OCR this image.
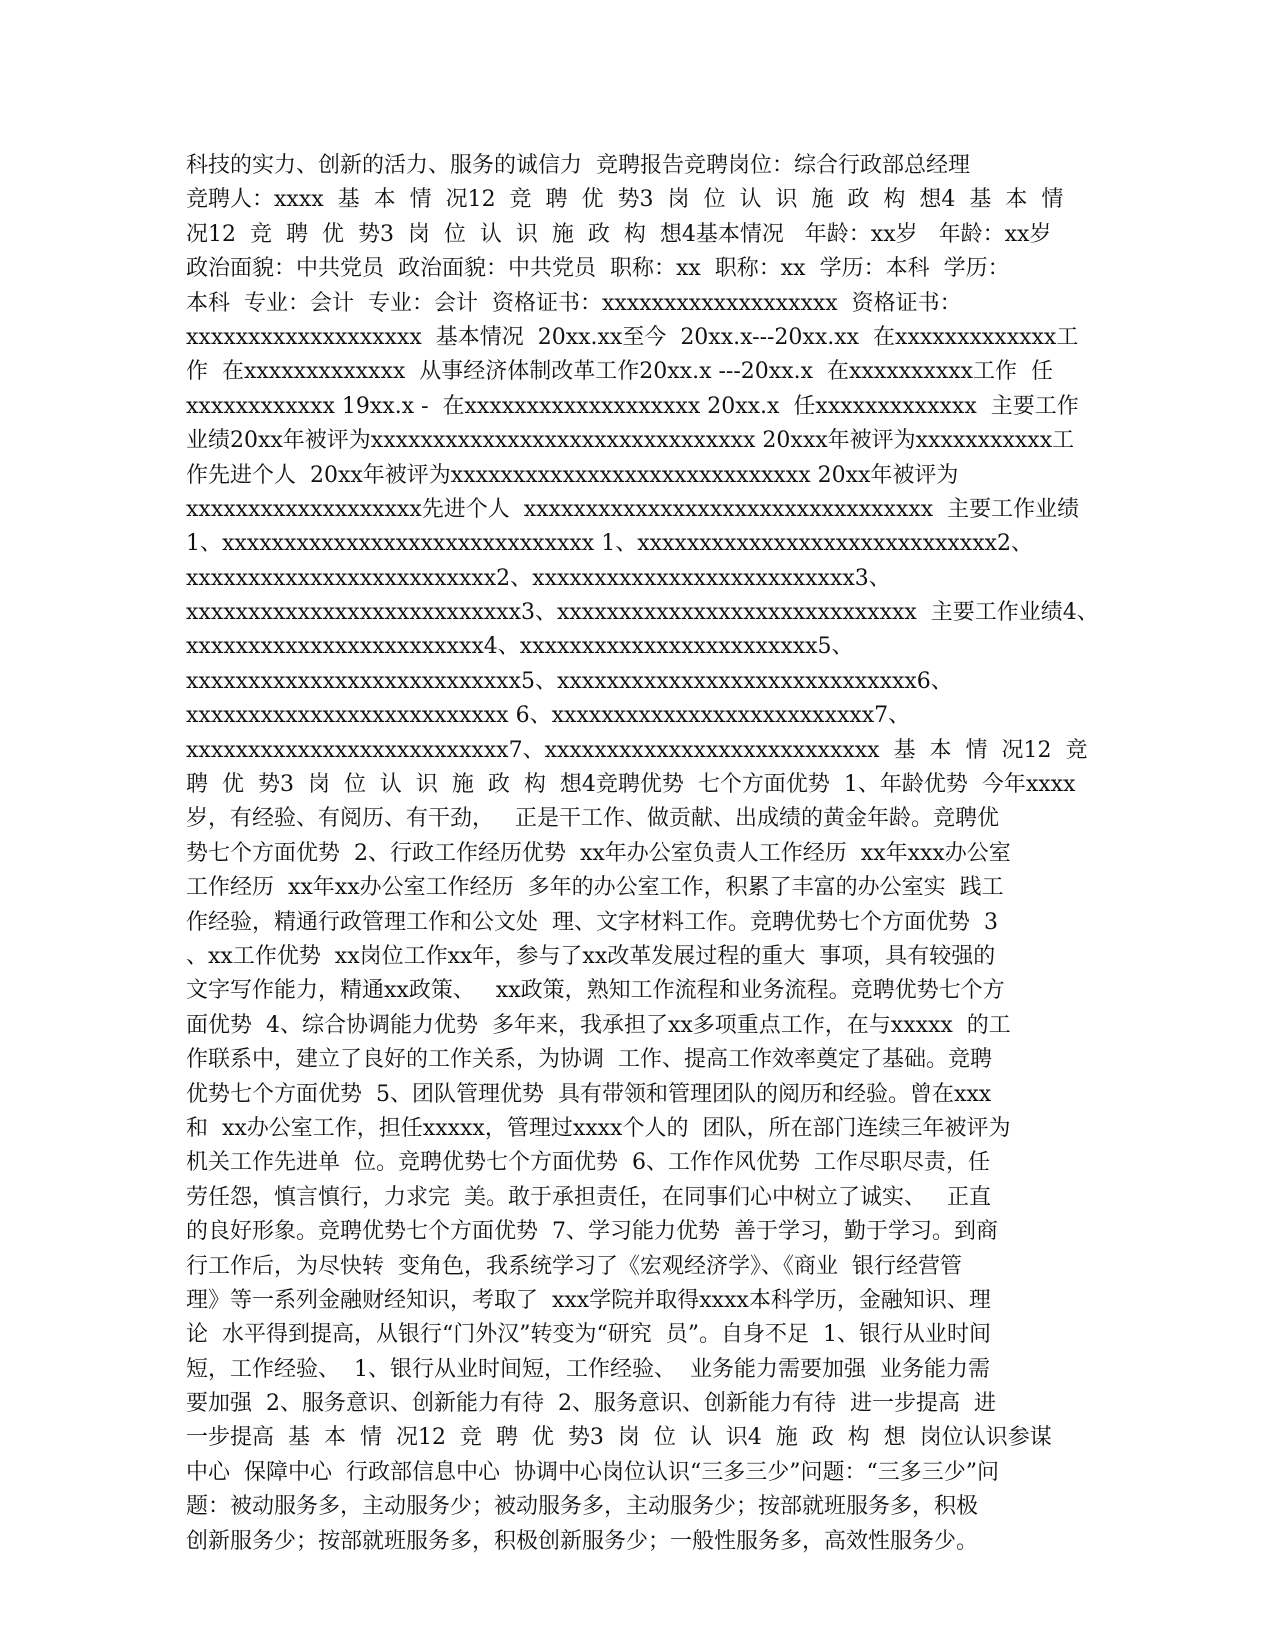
科技的实力、创新的活力、服务的诚信力  竞聘报告竞聘岗位：综合行政部总经理
竞聘人：xxxx  基  本  情  况12  竞  聘  优  势3  岗  位  认  识  施  政  构  想4  基  本  情
况12  竞  聘  优  势3  岗  位  认  识  施  政  构  想4基本情况   年龄：xx岁   年龄：xx岁
政治面貌：中共党员  政治面貌：中共党员  职称：xx  职称：xx  学历：本科  学历：
本科  专业：会计  专业：会计  资格证书：xxxxxxxxxxxxxxxxxxx  资格证书：
xxxxxxxxxxxxxxxxxxx  基本情况  20xx.xx至今  20xx.x---20xx.xx  在xxxxxxxxxxxxx工
作  在xxxxxxxxxxxxx  从事经济体制改革工作20xx.x ---20xx.x  在xxxxxxxxxx工作  任
xxxxxxxxxxxx 19xx.x -  在xxxxxxxxxxxxxxxxxxx 20xx.x  任xxxxxxxxxxxxx  主要工作
业绩20xx年被评为xxxxxxxxxxxxxxxxxxxxxxxxxxxxxxx 20xxx年被评为xxxxxxxxxxx工
作先进个人  20xx年被评为xxxxxxxxxxxxxxxxxxxxxxxxxxxxx 20xx年被评为
xxxxxxxxxxxxxxxxxxx先进个人  xxxxxxxxxxxxxxxxxxxxxxxxxxxxxxxxx  主要工作业绩
1、xxxxxxxxxxxxxxxxxxxxxxxxxxxxxx 1、xxxxxxxxxxxxxxxxxxxxxxxxxxxxx2、
xxxxxxxxxxxxxxxxxxxxxxxxx2、xxxxxxxxxxxxxxxxxxxxxxxxxx3、
xxxxxxxxxxxxxxxxxxxxxxxxxxx3、xxxxxxxxxxxxxxxxxxxxxxxxxxxxx  主要工作业绩4、
xxxxxxxxxxxxxxxxxxxxxxxx4、xxxxxxxxxxxxxxxxxxxxxxxx5、
xxxxxxxxxxxxxxxxxxxxxxxxxxx5、xxxxxxxxxxxxxxxxxxxxxxxxxxxxx6、
xxxxxxxxxxxxxxxxxxxxxxxxxx 6、xxxxxxxxxxxxxxxxxxxxxxxxxx7、
xxxxxxxxxxxxxxxxxxxxxxxxxx7、xxxxxxxxxxxxxxxxxxxxxxxxxxx  基  本  情  况12  竞
聘  优  势3  岗  位  认  识  施  政  构  想4竞聘优势  七个方面优势  1、年龄优势  今年xxxx
岁，有经验、有阅历、有干劲，   正是干工作、做贡献、出成绩的黄金年龄。竞聘优
势七个方面优势  2、行政工作经历优势  xx年办公室负责人工作经历  xx年xxx办公室
工作经历  xx年xx办公室工作经历  多年的办公室工作，积累了丰富的办公室实  践工
作经验，精通行政管理工作和公文处  理、文字材料工作。竞聘优势七个方面优势  3
、xx工作优势  xx岗位工作xx年，参与了xx改革发展过程的重大  事项，具有较强的
文字写作能力，精通xx政策、   xx政策，熟知工作流程和业务流程。竞聘优势七个方
面优势  4、综合协调能力优势  多年来，我承担了xx多项重点工作，在与xxxxx  的工
作联系中，建立了良好的工作关系，为协调  工作、提高工作效率奠定了基础。竞聘
优势七个方面优势  5、团队管理优势  具有带领和管理团队的阅历和经验。曾在xxx
和  xx办公室工作，担任xxxxx，管理过xxxx个人的  团队，所在部门连续三年被评为
机关工作先进单  位。竞聘优势七个方面优势  6、工作作风优势  工作尽职尽责，任
劳任怨，慎言慎行，力求完  美。敢于承担责任，在同事们心中树立了诚实、   正直
的良好形象。竞聘优势七个方面优势  7、学习能力优势  善于学习，勤于学习。到商
行工作后，为尽快转  变角色，我系统学习了《宏观经济学》、《商业  银行经营管
理》等一系列金融财经知识，考取了  xxx学院并取得xxxx本科学历，金融知识、理
论  水平得到提高，从银行“门外汉”转变为“研究  员”。自身不足  1、银行从业时间
短，工作经验、  1、银行从业时间短，工作经验、  业务能力需要加强  业务能力需
要加强  2、服务意识、创新能力有待  2、服务意识、创新能力有待  进一步提高  进
一步提高  基  本  情  况12  竞  聘  优  势3  岗  位  认  识4  施  政  构  想  岗位认识参谋
中心  保障中心  行政部信息中心  协调中心岗位认识“三多三少”问题：“三多三少”问
题：被动服务多，主动服务少；被动服务多，主动服务少；按部就班服务多，积极
创新服务少；按部就班服务多，积极创新服务少；一般性服务多，高效性服务少。
